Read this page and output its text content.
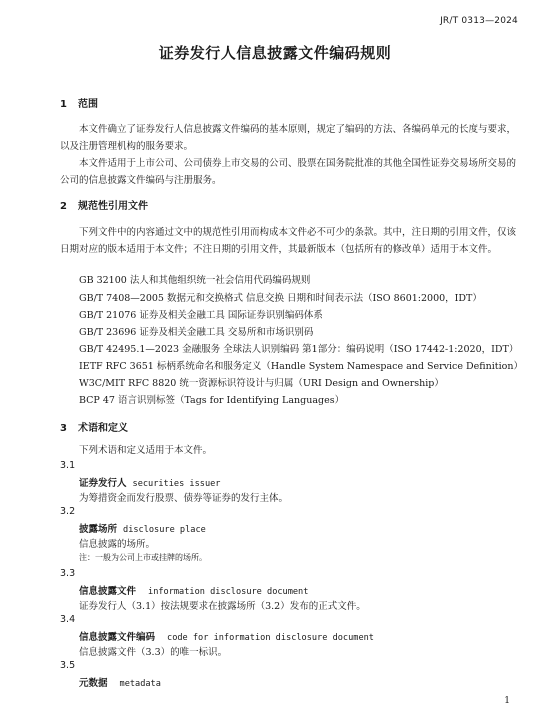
JR/T 0313—2024
证券发行人信息披露文件编码规则
1 范围
本文件确立了证券发行人信息披露文件编码的基本原则，规定了编码的方法、各编码单元的长度与要求，以及注册管理机构的服务要求。
本文件适用于上市公司、公司债券上市交易的公司、股票在国务院批准的其他全国性证券交易场所交易的公司的信息披露文件编码与注册服务。
2 规范性引用文件
下列文件中的内容通过文中的规范性引用而构成本文件必不可少的条款。其中，注日期的引用文件，仅该日期对应的版本适用于本文件；不注日期的引用文件，其最新版本（包括所有的修改单）适用于本文件。
GB 32100 法人和其他组织统一社会信用代码编码规则
GB/T 7408—2005 数据元和交换格式 信息交换 日期和时间表示法（ISO 8601:2000，IDT）
GB/T 21076 证券及相关金融工具 国际证券识别编码体系
GB/T 23696 证券及相关金融工具 交易所和市场识别码
GB/T 42495.1—2023 金融服务 全球法人识别编码 第1部分：编码说明（ISO 17442-1:2020，IDT）
IETF RFC 3651 标柄系统命名和服务定义（Handle System Namespace and Service Definition）
W3C/MIT RFC 8820 统一资源标识符设计与归属（URI Design and Ownership）
BCP 47 语言识别标签（Tags for Identifying Languages）
3 术语和定义
下列术语和定义适用于本文件。
3.1
证券发行人 securities issuer
为筹措资金而发行股票、债券等证券的发行主体。
3.2
披露场所 disclosure place
信息披露的场所。
注：一般为公司上市或挂牌的场所。
3.3
信息披露文件 information disclosure document
证券发行人（3.1）按法规要求在披露场所（3.2）发布的正式文件。
3.4
信息披露文件编码 code for information disclosure document
信息披露文件（3.3）的唯一标识。
3.5
元数据 metadata
1
